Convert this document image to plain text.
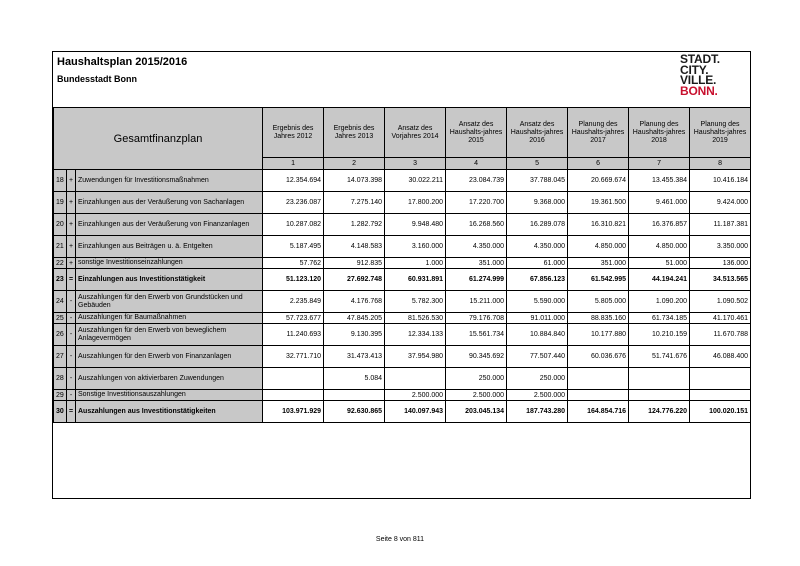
Haushaltsplan 2015/2016
Bundesstadt Bonn
STADT.
CITY.
VILLE.
BONN.
Gesamtfinanzplan			Ergebnis des Jahres 2012	Ergebnis des Jahres 2013	Ansatz des Vorjahres 2014	Ansatz des Haushalts-jahres 2015	Ansatz des Haushalts-jahres 2016	Planung des Haushalts-jahres 2017	Planung des Haushalts-jahres 2018	Planung des Haushalts-jahres 2019
			1	2	3	4	5	6	7	8
18	+	Zuwendungen für Investitionsmaßnahmen	12.354.694	14.073.398	30.022.211	23.084.739	37.788.045	20.669.674	13.455.384	10.416.184
19	+	Einzahlungen aus der Veräußerung von Sachanlagen	23.236.087	7.275.140	17.800.200	17.220.700	9.368.000	19.361.500	9.461.000	9.424.000
20	+	Einzahlungen aus der Veräußerung von Finanzanlagen	10.287.082	1.282.792	9.948.480	16.268.560	16.289.078	16.310.821	16.376.857	11.187.381
21	+	Einzahlungen aus Beiträgen u. ä. Entgelten	5.187.495	4.148.583	3.160.000	4.350.000	4.350.000	4.850.000	4.850.000	3.350.000
22	+	sonstige Investitionseinzahlungen	57.762	912.835	1.000	351.000	61.000	351.000	51.000	136.000
23	=	Einzahlungen aus Investitionstätigkeit	51.123.120	27.692.748	60.931.891	61.274.999	67.856.123	61.542.995	44.194.241	34.513.565
24	-	Auszahlungen für den Erwerb von Grundstücken und Gebäuden	2.235.849	4.176.768	5.782.300	15.211.000	5.590.000	5.805.000	1.090.200	1.090.502
25	-	Auszahlungen für Baumaßnahmen	57.723.677	47.845.205	81.526.530	79.176.708	91.011.000	88.835.160	61.734.185	41.170.461
26	-	Auszahlungen für den Erwerb von beweglichem Anlagevermögen	11.240.693	9.130.395	12.334.133	15.561.734	10.884.840	10.177.880	10.210.159	11.670.788
27	-	Auszahlungen für den Erwerb von Finanzanlagen	32.771.710	31.473.413	37.954.980	90.345.692	77.507.440	60.036.676	51.741.676	46.088.400
28	-	Auszahlungen von aktivierbaren Zuwendungen		5.084		250.000	250.000			
29	-	Sonstige Investitionsauszahlungen			2.500.000	2.500.000	2.500.000			
30	=	Auszahlungen aus Investitionstätigkeiten	103.971.929	92.630.865	140.097.943	203.045.134	187.743.280	164.854.716	124.776.220	100.020.151

Seite 8 von 811
